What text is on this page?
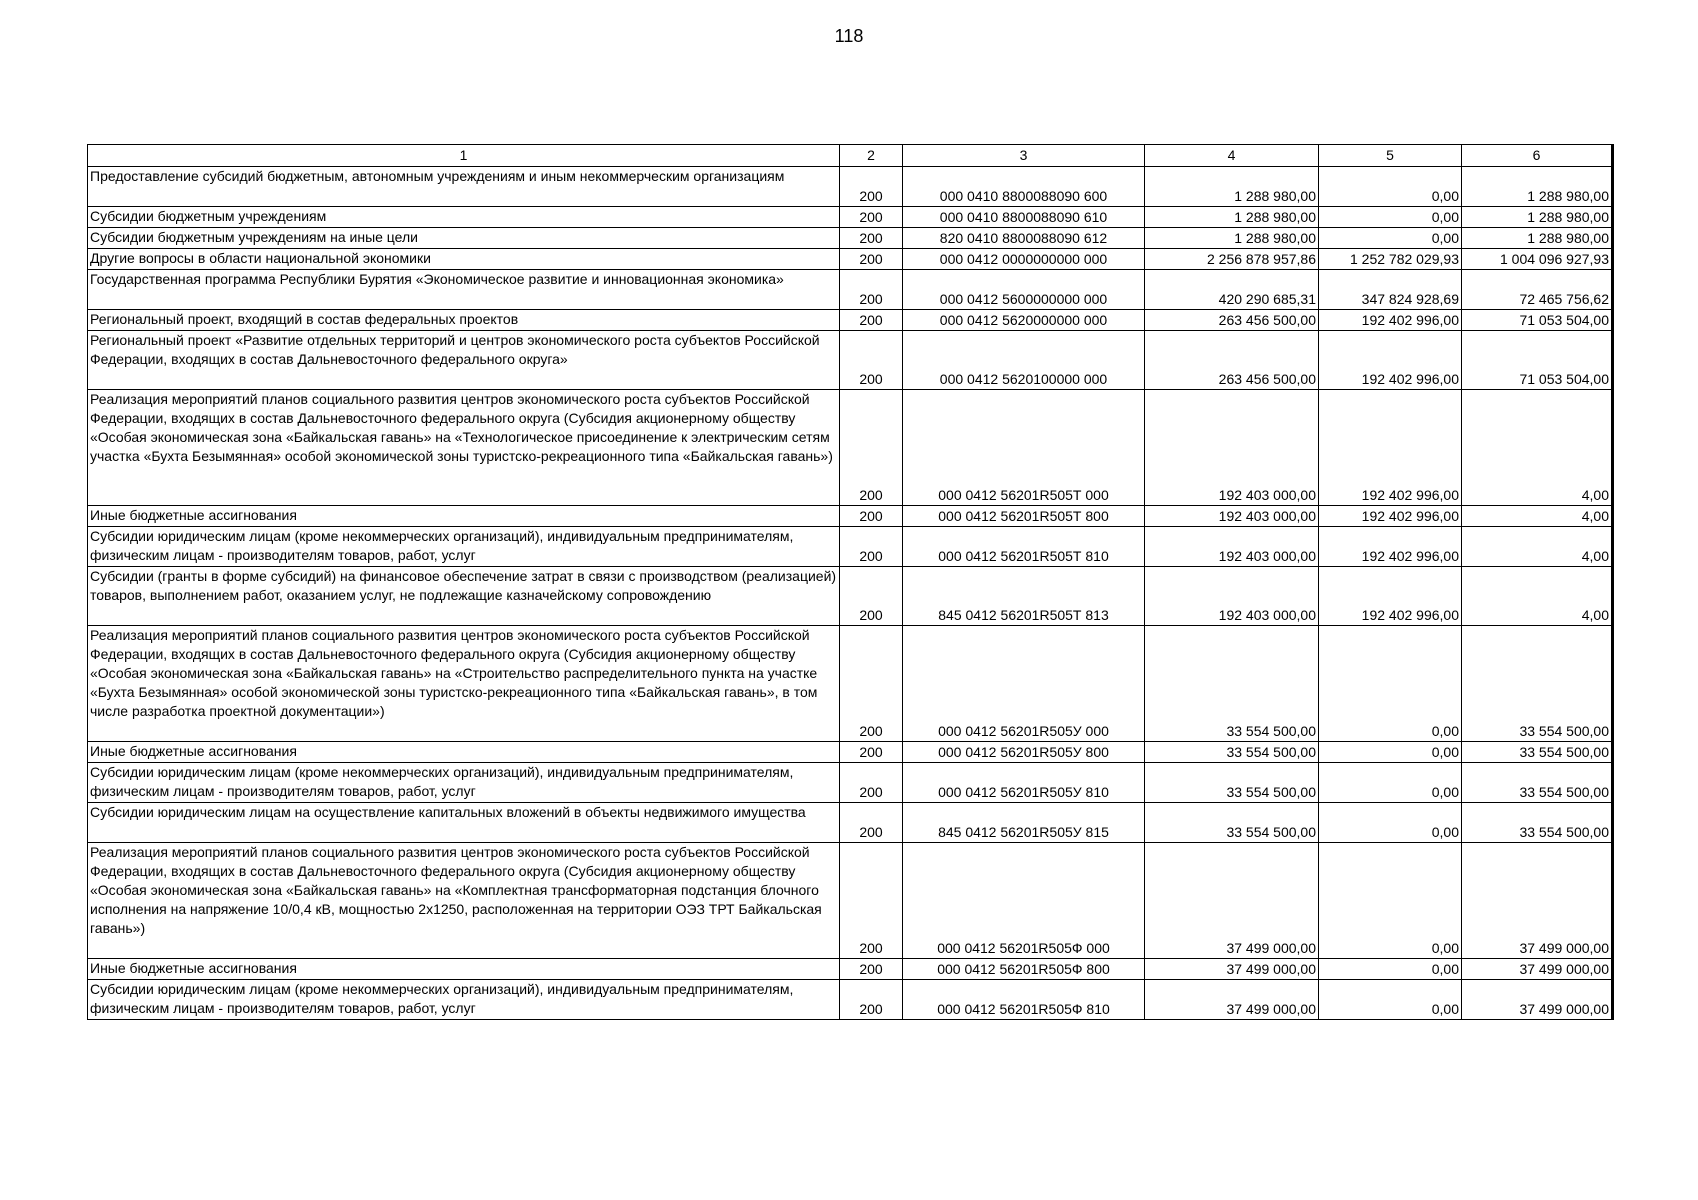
118
1	2	3	4	5	6
Предоставление субсидий бюджетным, автономным учреждениям и иным некоммерческим организациям	200	000 0410 8800088090 600	1 288 980,00	0,00	1 288 980,00
Субсидии бюджетным учреждениям	200	000 0410 8800088090 610	1 288 980,00	0,00	1 288 980,00
Субсидии бюджетным учреждениям на иные цели	200	820 0410 8800088090 612	1 288 980,00	0,00	1 288 980,00
Другие вопросы в области национальной экономики	200	000 0412 0000000000 000	2 256 878 957,86	1 252 782 029,93	1 004 096 927,93
Государственная программа Республики Бурятия «Экономическое развитие и инновационная экономика»	200	000 0412 5600000000 000	420 290 685,31	347 824 928,69	72 465 756,62
Региональный проект, входящий в состав федеральных проектов	200	000 0412 5620000000 000	263 456 500,00	192 402 996,00	71 053 504,00
Региональный проект «Развитие отдельных территорий и центров экономического роста субъектов Российской Федерации, входящих в состав Дальневосточного федерального округа»	200	000 0412 5620100000 000	263 456 500,00	192 402 996,00	71 053 504,00
Реализация мероприятий планов социального развития центров экономического роста субъектов Российской Федерации, входящих в состав Дальневосточного федерального округа (Субсидия акционерному обществу «Особая экономическая зона «Байкальская гавань» на «Технологическое присоединение к электрическим сетям участка «Бухта Безымянная» особой экономической зоны туристско-рекреационного типа «Байкальская гавань»)	200	000 0412 56201R505Т 000	192 403 000,00	192 402 996,00	4,00
Иные бюджетные ассигнования	200	000 0412 56201R505Т 800	192 403 000,00	192 402 996,00	4,00
Субсидии юридическим лицам (кроме некоммерческих организаций), индивидуальным предпринимателям, физическим лицам - производителям товаров, работ, услуг	200	000 0412 56201R505Т 810	192 403 000,00	192 402 996,00	4,00
Субсидии (гранты в форме субсидий) на финансовое обеспечение затрат в связи с производством (реализацией) товаров, выполнением работ, оказанием услуг, не подлежащие казначейскому сопровождению	200	845 0412 56201R505Т 813	192 403 000,00	192 402 996,00	4,00
Реализация мероприятий планов социального развития центров экономического роста субъектов Российской Федерации, входящих в состав Дальневосточного федерального округа (Субсидия акционерному обществу «Особая экономическая зона «Байкальская гавань» на «Строительство распределительного пункта на участке «Бухта Безымянная» особой экономической зоны туристско-рекреационного типа «Байкальская гавань», в том числе разработка проектной документации»)	200	000 0412 56201R505У 000	33 554 500,00	0,00	33 554 500,00
Иные бюджетные ассигнования	200	000 0412 56201R505У 800	33 554 500,00	0,00	33 554 500,00
Субсидии юридическим лицам (кроме некоммерческих организаций), индивидуальным предпринимателям, физическим лицам - производителям товаров, работ, услуг	200	000 0412 56201R505У 810	33 554 500,00	0,00	33 554 500,00
Субсидии юридическим лицам на осуществление капитальных вложений в объекты недвижимого имущества	200	845 0412 56201R505У 815	33 554 500,00	0,00	33 554 500,00
Реализация мероприятий планов социального развития центров экономического роста субъектов Российской Федерации, входящих в состав Дальневосточного федерального округа (Субсидия акционерному обществу «Особая экономическая зона «Байкальская гавань» на «Комплектная трансформаторная подстанция блочного исполнения на напряжение 10/0,4 кВ, мощностью 2х1250, расположенная на территории ОЭЗ ТРТ Байкальская гавань»)	200	000 0412 56201R505Ф 000	37 499 000,00	0,00	37 499 000,00
Иные бюджетные ассигнования	200	000 0412 56201R505Ф 800	37 499 000,00	0,00	37 499 000,00
Субсидии юридическим лицам (кроме некоммерческих организаций), индивидуальным предпринимателям, физическим лицам - производителям товаров, работ, услуг	200	000 0412 56201R505Ф 810	37 499 000,00	0,00	37 499 000,00
